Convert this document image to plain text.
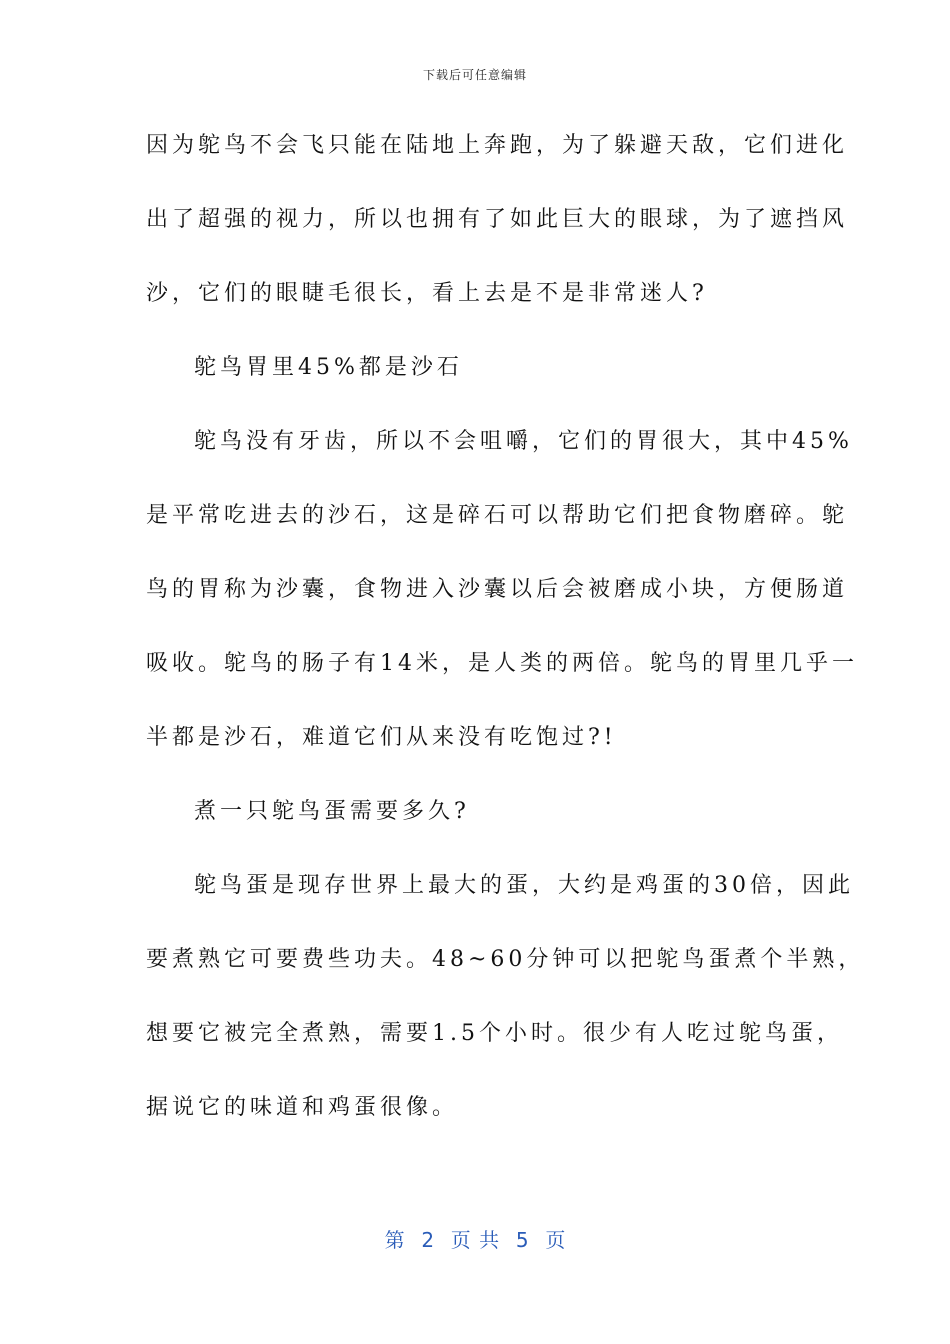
下载后可任意编辑
因为鸵鸟不会飞只能在陆地上奔跑，为了躲避天敌，它们进化
出了超强的视力，所以也拥有了如此巨大的眼球，为了遮挡风
沙，它们的眼睫毛很长，看上去是不是非常迷人?
鸵鸟胃里45%都是沙石
鸵鸟没有牙齿，所以不会咀嚼，它们的胃很大，其中45%
是平常吃进去的沙石，这是碎石可以帮助它们把食物磨碎。鸵
鸟的胃称为沙囊，食物进入沙囊以后会被磨成小块，方便肠道
吸收。鸵鸟的肠子有14米，是人类的两倍。鸵鸟的胃里几乎一
半都是沙石，难道它们从来没有吃饱过?!
煮一只鸵鸟蛋需要多久?
鸵鸟蛋是现存世界上最大的蛋，大约是鸡蛋的30倍，因此
要煮熟它可要费些功夫。48~60分钟可以把鸵鸟蛋煮个半熟，
想要它被完全煮熟，需要1.5个小时。很少有人吃过鸵鸟蛋，
据说它的味道和鸡蛋很像。
第  2  页 共  5  页
